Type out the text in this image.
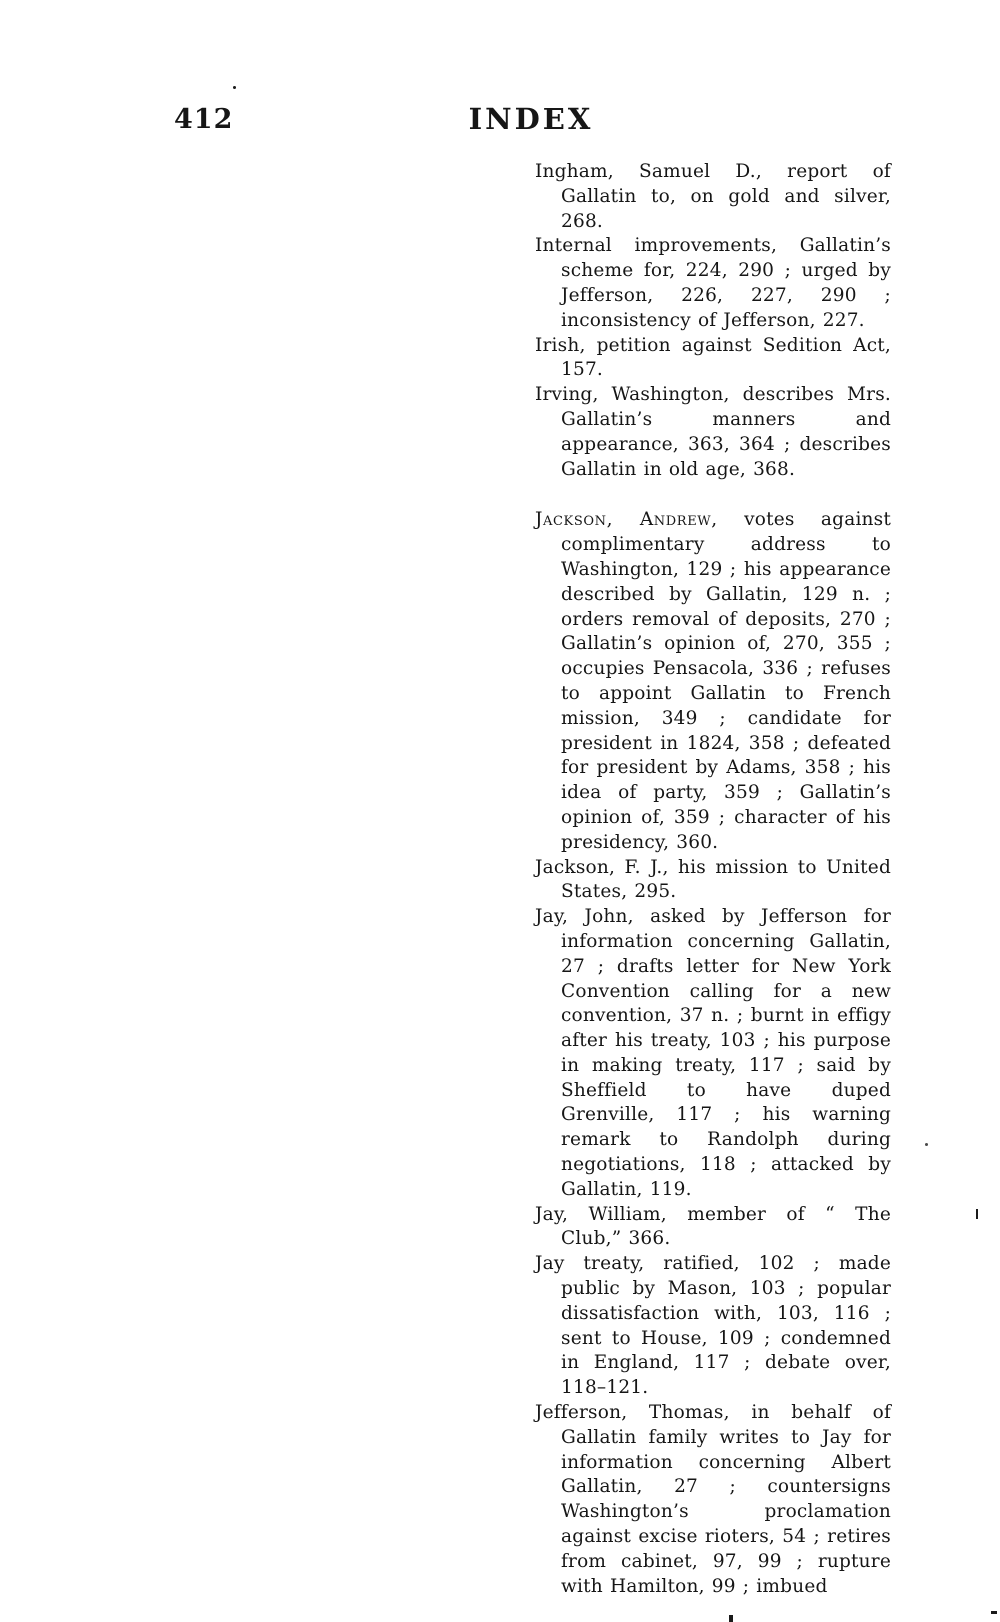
412	INDEX

Ingham, Samuel D., report of Gallatin to, on gold and silver, 268.

Internal improvements, Gallatin’s scheme for, 224, 290 ; urged by Jefferson, 226, 227, 290 ; inconsistency of Jefferson, 227.

Irish, petition against Sedition Act, 157.

Irving, Washington, describes Mrs. Gallatin’s manners and appearance, 363, 364 ; describes Gallatin in old age, 368.

Jackson, Andrew, votes against complimentary address to Washington, 129 ; his appearance described by Gallatin, 129 n. ; orders removal of deposits, 270 ; Gallatin’s opinion of, 270, 355 ; occupies Pensacola, 336 ; refuses to appoint Gallatin to French mission, 349 ; candidate for president in 1824, 358 ; defeated for president by Adams, 358 ; his idea of party, 359 ; Gallatin’s opinion of, 359 ; character of his presidency, 360.

Jackson, F. J., his mission to United States, 295.

Jay, John, asked by Jefferson for information concerning Gallatin, 27 ; drafts letter for New York Convention calling for a new convention, 37 n. ; burnt in effigy after his treaty, 103 ; his purpose in making treaty, 117 ; said by Sheffield to have duped Grenville, 117 ; his warning remark to Randolph during negotiations, 118 ; attacked by Gallatin, 119.

Jay, William, member of “ The Club,” 366.

Jay treaty, ratified, 102 ; made public by Mason, 103 ; popular dissatisfaction with, 103, 116 ; sent to House, 109 ; condemned in England, 117 ; debate over, 118–121.

Jefferson, Thomas, in behalf of Gallatin family writes to Jay for information concerning Albert Gallatin, 27 ; countersigns Washington’s proclamation against excise rioters, 54 ; retires from cabinet, 97, 99 ; rupture with Hamilton, 99 ; imbued
